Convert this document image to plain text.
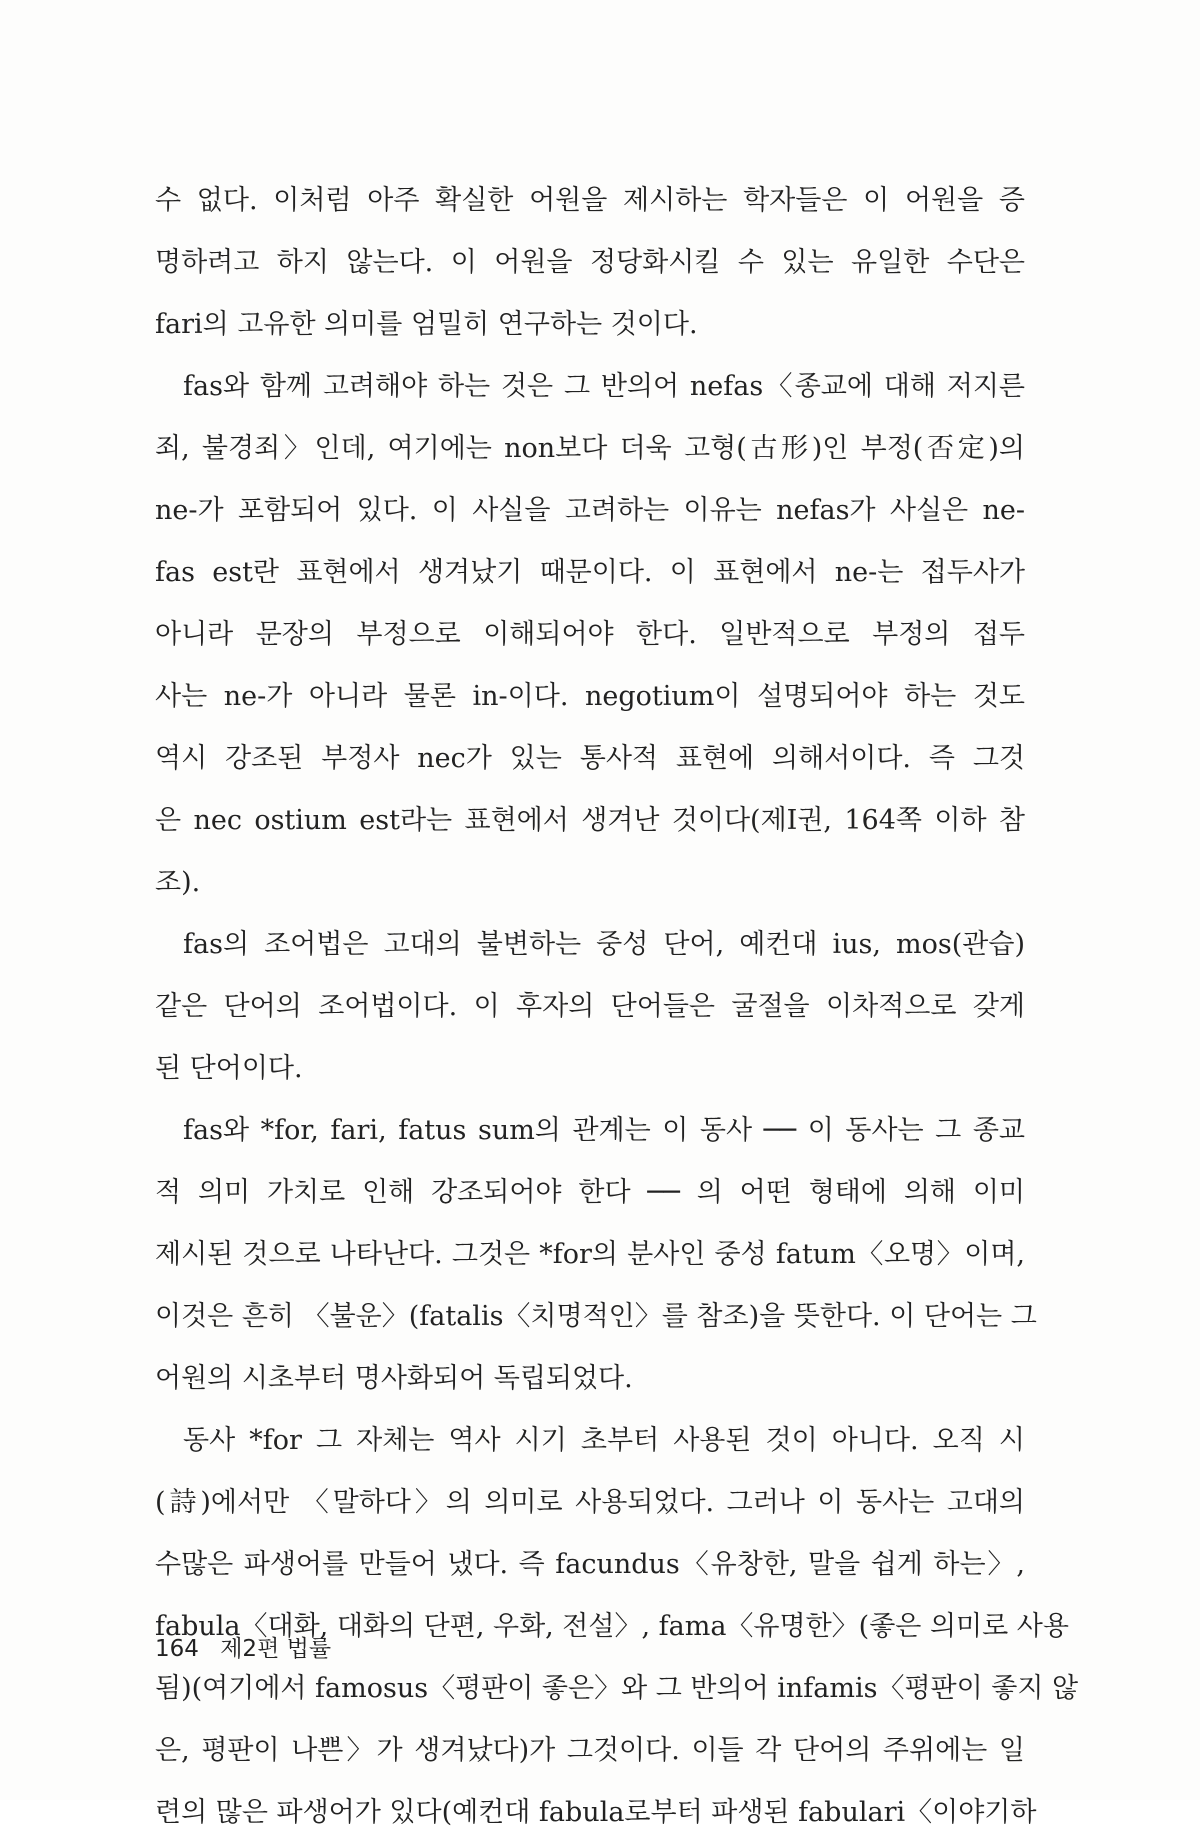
수 없다. 이처럼 아주 확실한 어원을 제시하는 학자들은 이 어원을 증
명하려고 하지 않는다. 이 어원을 정당화시킬 수 있는 유일한 수단은
fari의 고유한 의미를 엄밀히 연구하는 것이다.
fas와 함께 고려해야 하는 것은 그 반의어 nefas〈종교에 대해 저지른
죄, 불경죄〉인데, 여기에는 non보다 더욱 고형(古形)인 부정(否定)의
ne-가 포함되어 있다. 이 사실을 고려하는 이유는 nefas가 사실은 ne-
fas est란 표현에서 생겨났기 때문이다. 이 표현에서 ne-는 접두사가
아니라 문장의 부정으로 이해되어야 한다. 일반적으로 부정의 접두
사는 ne-가 아니라 물론 in-이다. negotium이 설명되어야 하는 것도
역시 강조된 부정사 nec가 있는 통사적 표현에 의해서이다. 즉 그것
은 nec ostium est라는 표현에서 생겨난 것이다(제I권, 164쪽 이하 참
조).
fas의 조어법은 고대의 불변하는 중성 단어, 예컨대 ius, mos(관습)
같은 단어의 조어법이다. 이 후자의 단어들은 굴절을 이차적으로 갖게
된 단어이다.
fas와 *for, fari, fatus sum의 관계는 이 동사 ── 이 동사는 그 종교
적 의미 가치로 인해 강조되어야 한다 ── 의 어떤 형태에 의해 이미
제시된 것으로 나타난다. 그것은 *for의 분사인 중성 fatum〈오명〉이며,
이것은 흔히 〈불운〉(fatalis〈치명적인〉를 참조)을 뜻한다. 이 단어는 그
어원의 시초부터 명사화되어 독립되었다.
동사 *for 그 자체는 역사 시기 초부터 사용된 것이 아니다. 오직 시
(詩)에서만 〈말하다〉의 의미로 사용되었다. 그러나 이 동사는 고대의
수많은 파생어를 만들어 냈다. 즉 facundus〈유창한, 말을 쉽게 하는〉,
fabula〈대화, 대화의 단편, 우화, 전설〉, fama〈유명한〉(좋은 의미로 사용
됨)(여기에서 famosus〈평판이 좋은〉와 그 반의어 infamis〈평판이 좋지 않
은, 평판이 나쁜〉가 생겨났다)가 그것이다. 이들 각 단어의 주위에는 일
련의 많은 파생어가 있다(예컨대 fabula로부터 파생된 fabulari〈이야기하
164 제2편 법률
